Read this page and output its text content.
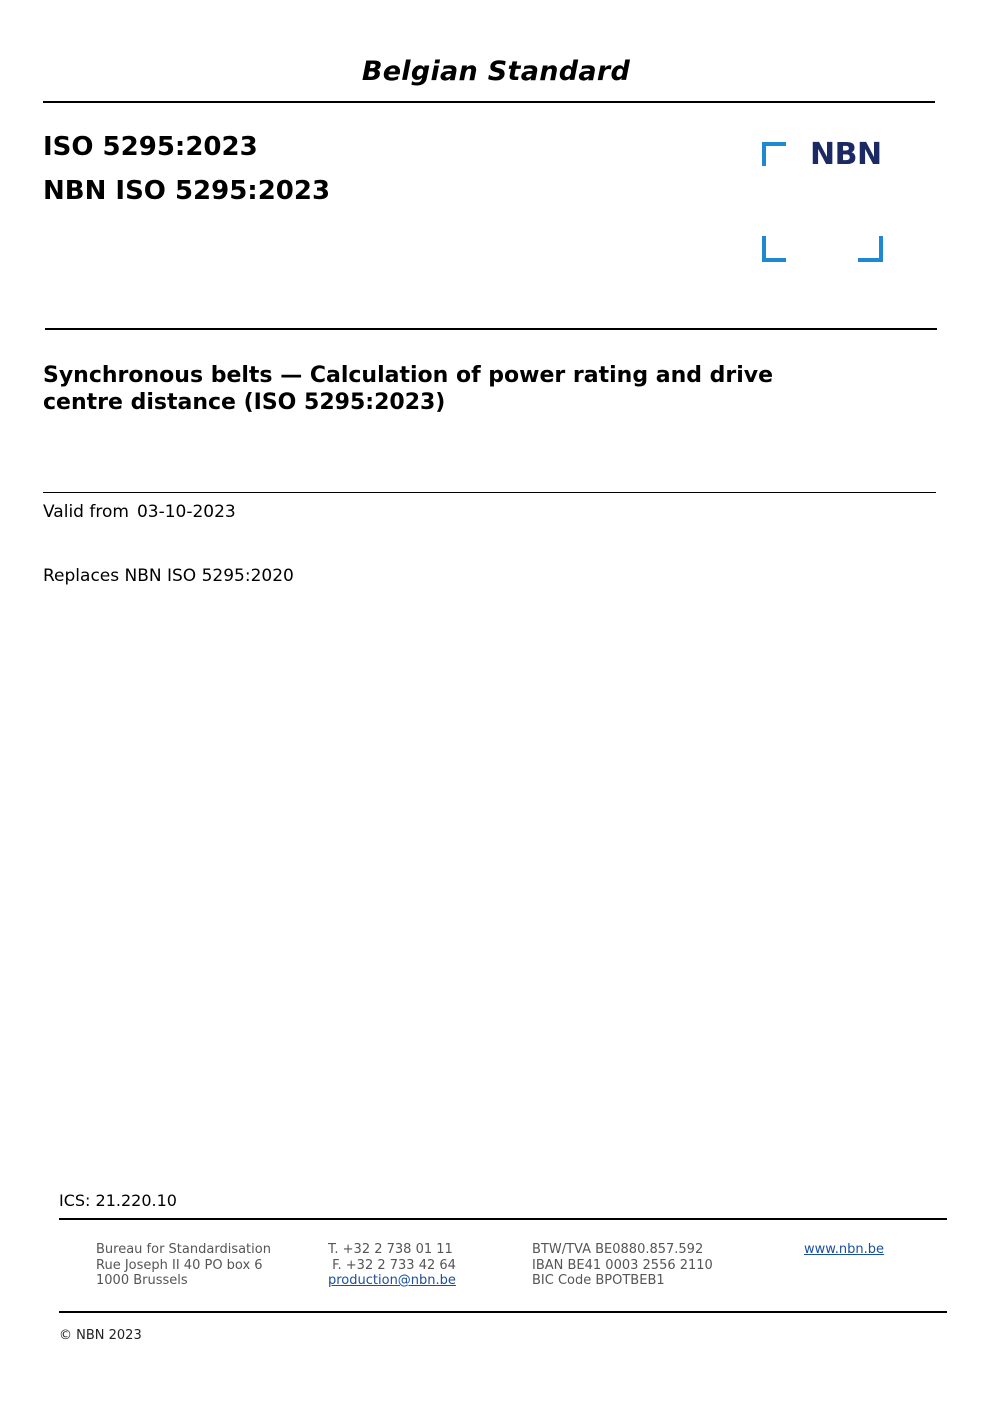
Belgian Standard
ISO 5295:2023
NBN ISO 5295:2023
NBN
Synchronous belts — Calculation of power rating and drive
centre distance (ISO 5295:2023)
Valid from 03-10-2023
Replaces NBN ISO 5295:2020
ICS: 21.220.10
Bureau for Standardisation
Rue Joseph II 40 PO box 6
1000 Brussels
T. +32 2 738 01 11
F. +32 2 733 42 64
production@nbn.be
BTW/TVA BE0880.857.592
IBAN BE41 0003 2556 2110
BIC Code BPOTBEB1
www.nbn.be
© NBN 2023
